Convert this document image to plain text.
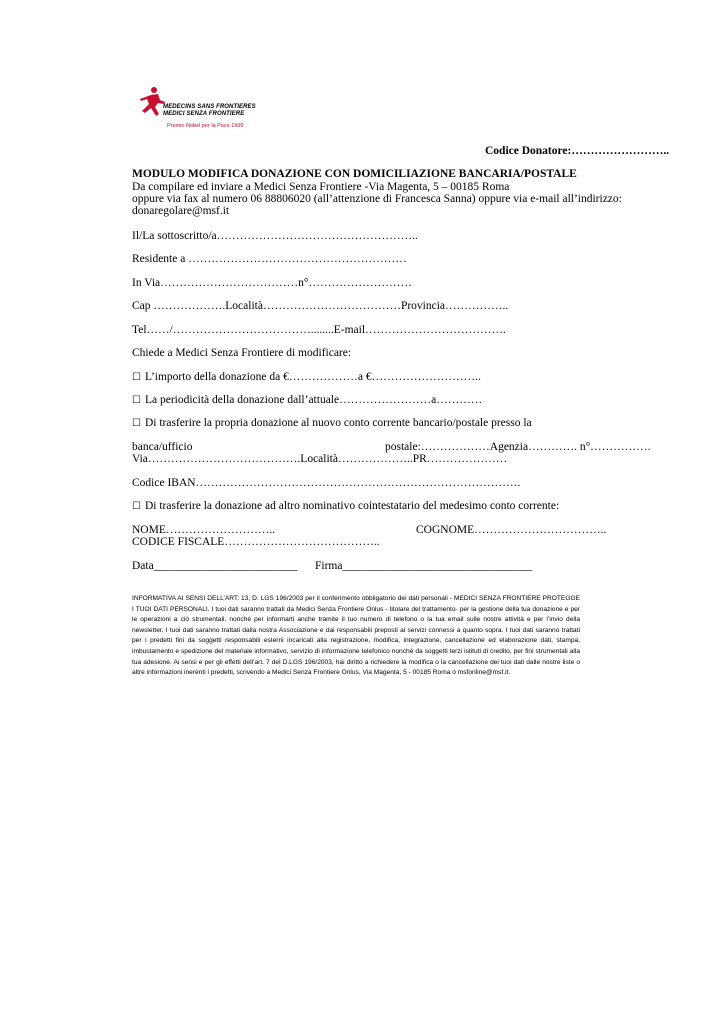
MEDECINS SANS FRONTIERES
MEDICI SENZA FRONTIERE
Premio Nobel per la Pace 1999
Codice Donatore:……………………..
MODULO MODIFICA DONAZIONE CON DOMICILIAZIONE BANCARIA/POSTALE
Da compilare ed inviare a Medici Senza Frontiere -Via Magenta, 5 – 00185 Roma
oppure via fax al numero 06 88806020 (all’attenzione di Francesca Sanna) oppure via e-mail all’indirizzo:
donaregolare@msf.it
Il/La sottoscritto/a……………………………………………..
Residente a …………………………………………………
In Via………………………………n°………………………
Cap ……………….Località………………………………Provincia……………..
Tel……/………………………………........E-mail……………………………….
Chiede a Medici Senza Frontiere di modificare:
☐ L’importo della donazione da €………………a €………………………..
☐ La periodicità della donazione dall’attuale……………………a…………
☐ Di trasferire la propria donazione al nuovo conto corrente bancario/postale presso la
banca/ufficio	postale:………………Agenzia…………. n°…………….
Via………………………………….Località………………..PR…………………
Codice IBAN………………………………………………………………………….
☐ Di trasferire la donazione ad altro nominativo cointestatario del medesimo conto corrente:
NOME………………………..	COGNOME……………………………..
CODICE FISCALE…………………………………..
Data_________________________ Firma_________________________________
INFORMATIVA AI SENSI DELL’ART. 13, D. LGS 196/2003 per il conferimento obbligatorio dei dati personali - MEDICI SENZA FRONTIERE PROTEGGE I TUOI DATI PERSONALI. I tuoi dati saranno trattati da Medici Senza Frontiere Onlus - titolare del trattamento- per la gestione della tua donazione e per le operazioni a ciò strumentali, nonché per informarti anche tramite il tuo numero di telefono o la tua email sulle nostre attività e per l’invio della newsletter. I tuoi dati saranno trattati dalla nostra Associazione e dai responsabili preposti ai servizi connessi a quanto sopra. I tuoi dati saranno trattati per i predetti fini da soggetti responsabili esterni incaricati alla registrazione, modifica, integrazione, cancellazione ed elaborazione dati, stampa, imbustamento e spedizione del materiale informativo, servizio di informazione telefonico nonché da soggetti terzi istituti di credito, per fini strumentali alla tua adesione. Ai sensi e per gli effetti dell’art. 7 del D.LGS 196/2003, hai diritto a richiedere la modifica o la cancellazione dei tuoi dati dalle nostre liste o altre informazioni inerenti i predetti, scrivendo a Medici Senza Frontiere Onlus, Via Magenta, 5 - 00185 Roma o msfonline@msf.it.
